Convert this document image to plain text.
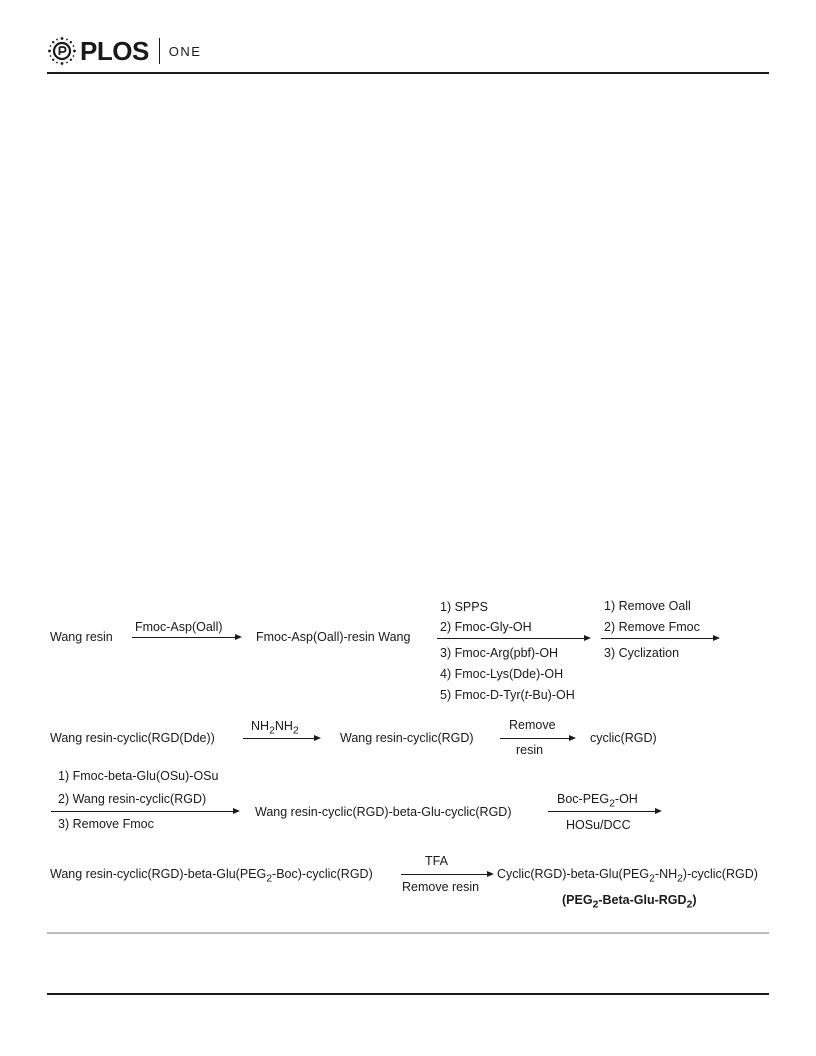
PLOS ONE
Wang resin
Fmoc-Asp(Oall)
Fmoc-Asp(Oall)-resin Wang
1) SPPS
2) Fmoc-Gly-OH
3) Fmoc-Arg(pbf)-OH
4) Fmoc-Lys(Dde)-OH
5) Fmoc-D-Tyr(t-Bu)-OH
1) Remove Oall
2) Remove Fmoc
3) Cyclization
Wang resin-cyclic(RGD(Dde))
$NH_2NH_2$	Wang resin-cyclic(RGD)
Remove
resin
cyclic(RGD)
1) Fmoc-beta-Glu(OSu)-OSu
2) Wang resin-cyclic(RGD)
3) Remove Fmoc
Wang resin-cyclic(RGD)-beta-Glu-cyclic(RGD)
Boc-$PEG_2-OH$
HOSu/DCC
Wang resin-$cyclic(RGD)-beta-Glu(PEG_2-Boc)-cyclic(RGD)$
TFA
Remove resin
$Cyclic(RGD)-beta-Glu(PEG_2-NH_2)-cyclic(RGD)$
$(PEG_2-Beta-Glu-RGD_2)$
